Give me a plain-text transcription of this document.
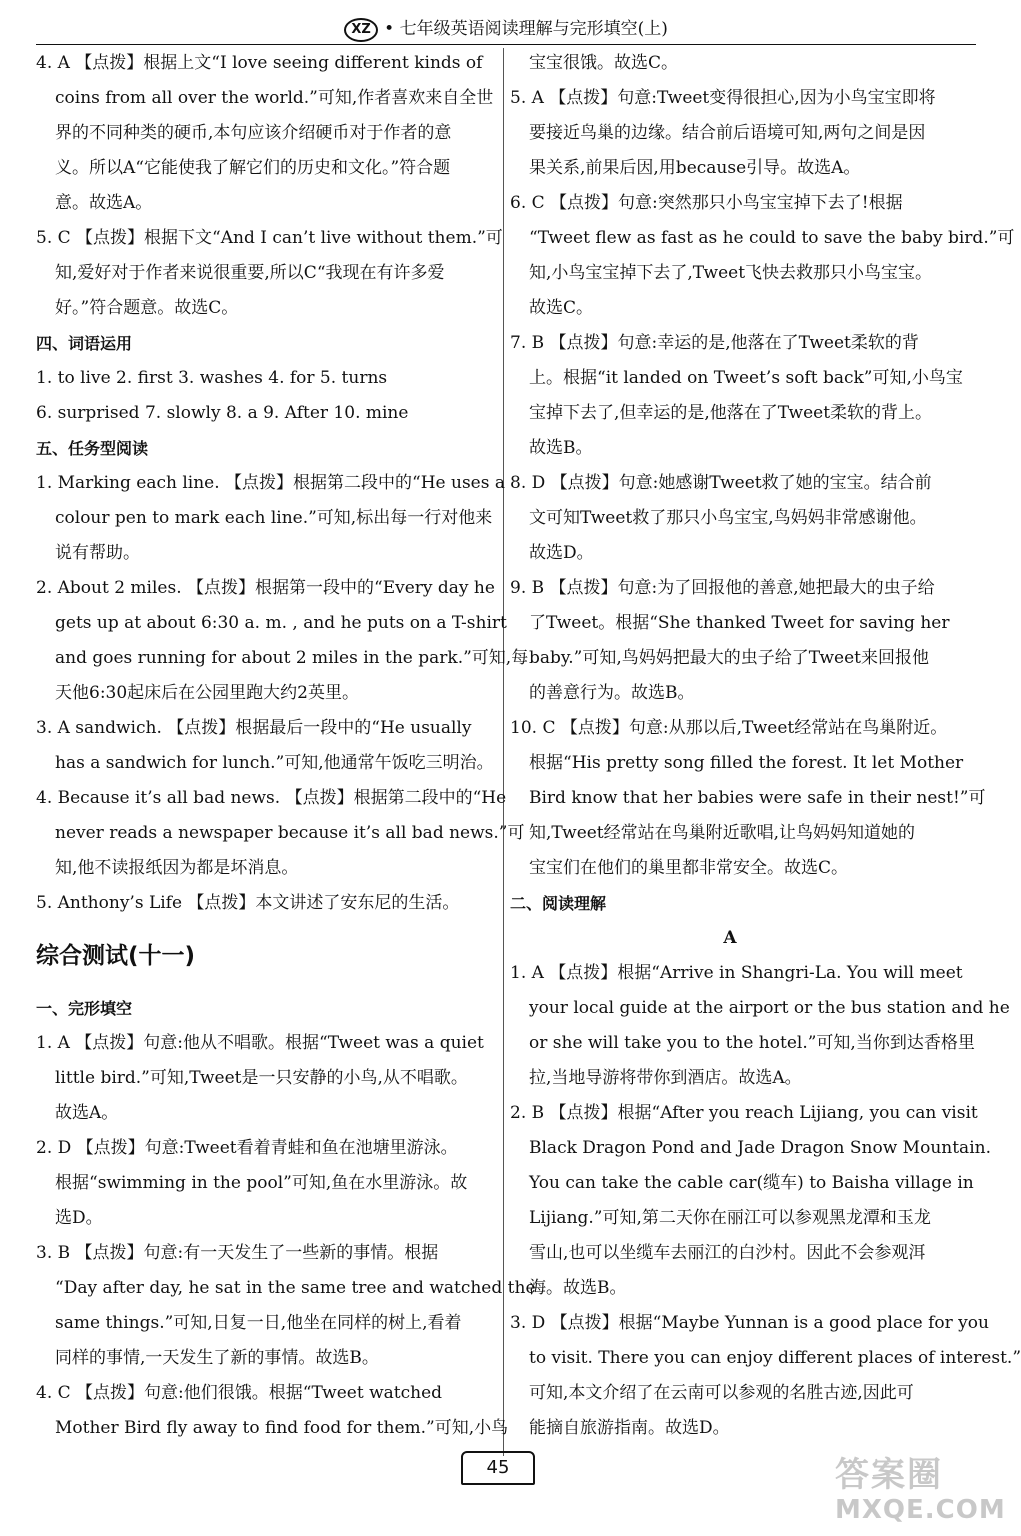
XZ • 七年级英语阅读理解与完形填空(上)
4. A 【点拨】根据上文“I love seeing different kinds of
coins from all over the world.”可知,作者喜欢来自全世
界的不同种类的硬币,本句应该介绍硬币对于作者的意
义。所以A“它能使我了解它们的历史和文化。”符合题
意。故选A。
5. C 【点拨】根据下文“And I can’t live without them.”可
知,爱好对于作者来说很重要,所以C“我现在有许多爱
好。”符合题意。故选C。
四、词语运用
1. to live 2. first 3. washes 4. for 5. turns
6. surprised 7. slowly 8. a 9. After 10. mine
五、任务型阅读
1. Marking each line. 【点拨】根据第二段中的“He uses a
colour pen to mark each line.”可知,标出每一行对他来
说有帮助。
2. About 2 miles. 【点拨】根据第一段中的“Every day he
gets up at about 6:30 a. m. , and he puts on a T-shirt
and goes running for about 2 miles in the park.”可知,每
天他6:30起床后在公园里跑大约2英里。
3. A sandwich. 【点拨】根据最后一段中的“He usually
has a sandwich for lunch.”可知,他通常午饭吃三明治。
4. Because it’s all bad news. 【点拨】根据第二段中的“He
never reads a newspaper because it’s all bad news.”可
知,他不读报纸因为都是坏消息。
5. Anthony’s Life 【点拨】本文讲述了安东尼的生活。
综合测试(十一)
一、完形填空
1. A 【点拨】句意:他从不唱歌。根据“Tweet was a quiet
little bird.”可知,Tweet是一只安静的小鸟,从不唱歌。
故选A。
2. D 【点拨】句意:Tweet看着青蛙和鱼在池塘里游泳。
根据“swimming in the pool”可知,鱼在水里游泳。故
选D。
3. B 【点拨】句意:有一天发生了一些新的事情。根据
“Day after day, he sat in the same tree and watched the
same things.”可知,日复一日,他坐在同样的树上,看着
同样的事情,一天发生了新的事情。故选B。
4. C 【点拨】句意:他们很饿。根据“Tweet watched
Mother Bird fly away to find food for them.”可知,小鸟
宝宝很饿。故选C。
5. A 【点拨】句意:Tweet变得很担心,因为小鸟宝宝即将
要接近鸟巢的边缘。结合前后语境可知,两句之间是因
果关系,前果后因,用because引导。故选A。
6. C 【点拨】句意:突然那只小鸟宝宝掉下去了!根据
“Tweet flew as fast as he could to save the baby bird.”可
知,小鸟宝宝掉下去了,Tweet飞快去救那只小鸟宝宝。
故选C。
7. B 【点拨】句意:幸运的是,他落在了Tweet柔软的背
上。根据“it landed on Tweet’s soft back”可知,小鸟宝
宝掉下去了,但幸运的是,他落在了Tweet柔软的背上。
故选B。
8. D 【点拨】句意:她感谢Tweet救了她的宝宝。结合前
文可知Tweet救了那只小鸟宝宝,鸟妈妈非常感谢他。
故选D。
9. B 【点拨】句意:为了回报他的善意,她把最大的虫子给
了Tweet。根据“She thanked Tweet for saving her
baby.”可知,鸟妈妈把最大的虫子给了Tweet来回报他
的善意行为。故选B。
10. C 【点拨】句意:从那以后,Tweet经常站在鸟巢附近。
根据“His pretty song filled the forest. It let Mother
Bird know that her babies were safe in their nest!”可
知,Tweet经常站在鸟巢附近歌唱,让鸟妈妈知道她的
宝宝们在他们的巢里都非常安全。故选C。
二、阅读理解
A
1. A 【点拨】根据“Arrive in Shangri-La. You will meet
your local guide at the airport or the bus station and he
or she will take you to the hotel.”可知,当你到达香格里
拉,当地导游将带你到酒店。故选A。
2. B 【点拨】根据“After you reach Lijiang, you can visit
Black Dragon Pond and Jade Dragon Snow Mountain.
You can take the cable car(缆车) to Baisha village in
Lijiang.”可知,第二天你在丽江可以参观黑龙潭和玉龙
雪山,也可以坐缆车去丽江的白沙村。因此不会参观洱
海。故选B。
3. D 【点拨】根据“Maybe Yunnan is a good place for you
to visit. There you can enjoy different places of interest.”
可知,本文介绍了在云南可以参观的名胜古迹,因此可
能摘自旅游指南。故选D。
45	答案圈
MXQE.COM
